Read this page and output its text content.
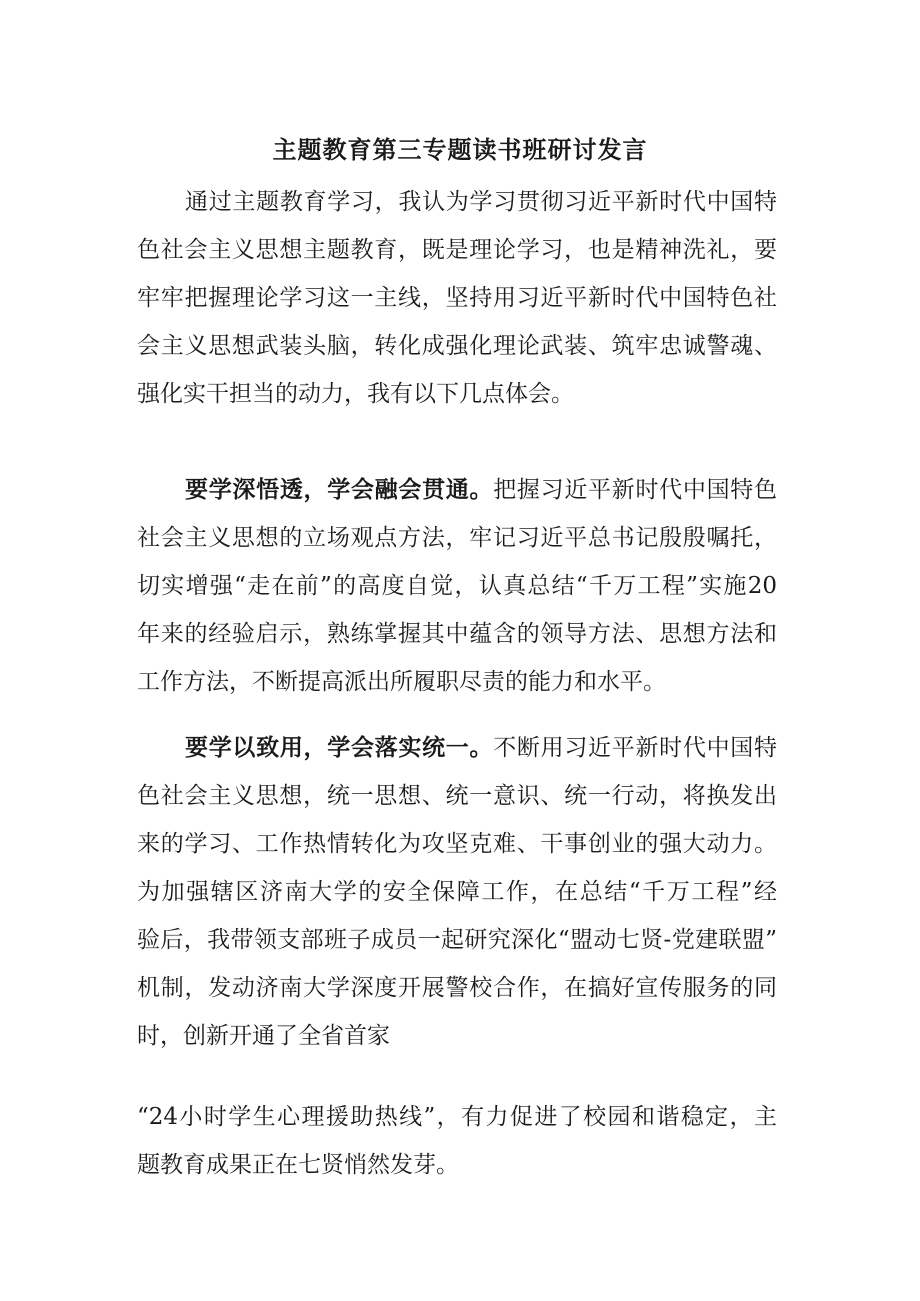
主题教育第三专题读书班研讨发言
通过主题教育学习，我认为学习贯彻习近平新时代中国特
色社会主义思想主题教育，既是理论学习，也是精神洗礼，要
牢牢把握理论学习这一主线，坚持用习近平新时代中国特色社
会主义思想武装头脑，转化成强化理论武装、筑牢忠诚警魂、
强化实干担当的动力，我有以下几点体会。
要学深悟透，学会融会贯通。把握习近平新时代中国特色
社会主义思想的立场观点方法，牢记习近平总书记殷殷嘱托，
切实增强“走在前”的高度自觉，认真总结“千万工程”实施20
年来的经验启示，熟练掌握其中蕴含的领导方法、思想方法和
工作方法，不断提高派出所履职尽责的能力和水平。
要学以致用，学会落实统一。不断用习近平新时代中国特
色社会主义思想，统一思想、统一意识、统一行动，将换发出
来的学习、工作热情转化为攻坚克难、干事创业的强大动力。
为加强辖区济南大学的安全保障工作，在总结“千万工程”经
验后，我带领支部班子成员一起研究深化“盟动七贤-党建联盟”
机制，发动济南大学深度开展警校合作，在搞好宣传服务的同
时，创新开通了全省首家
“24小时学生心理援助热线”，有力促进了校园和谐稳定，主
题教育成果正在七贤悄然发芽。
